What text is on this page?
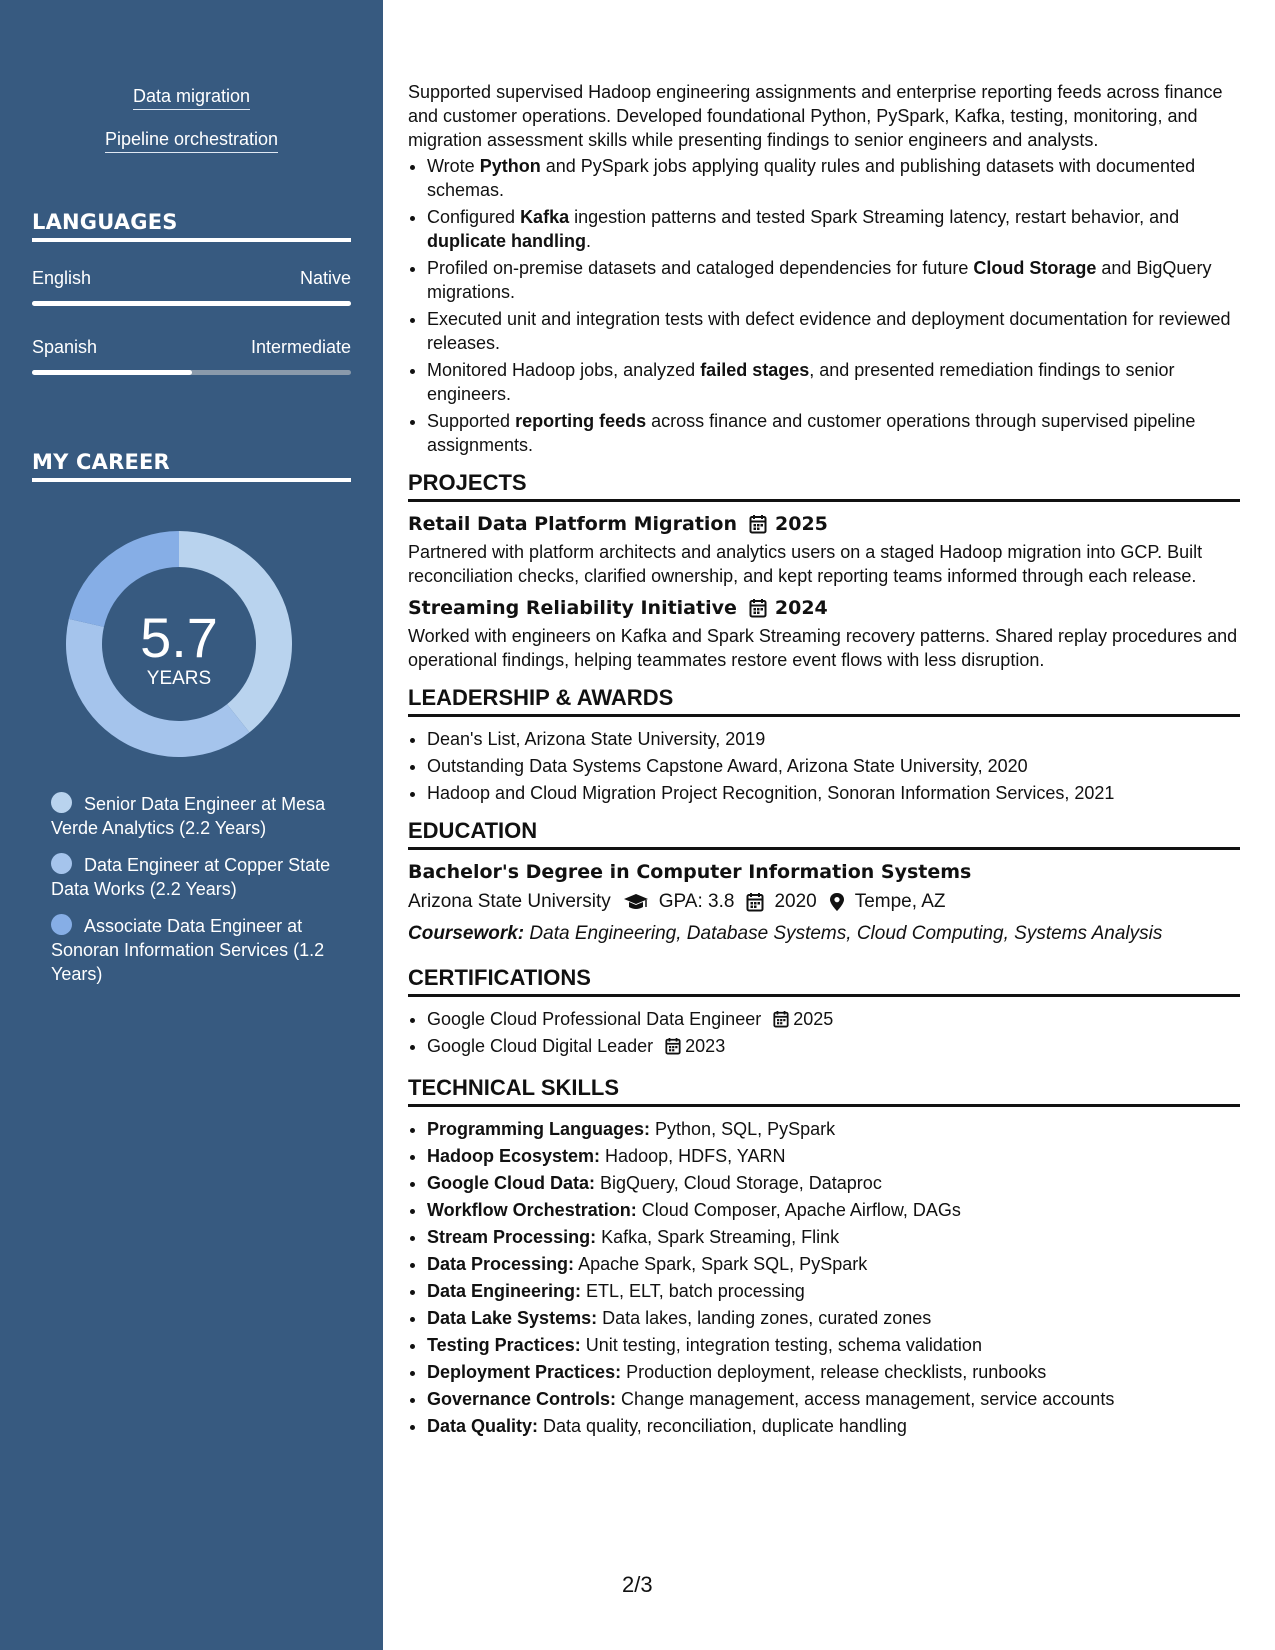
Data migration
Pipeline orchestration
LANGUAGES
English	Native
Spanish	Intermediate
MY CAREER
5.7
YEARS
Senior Data Engineer at Mesa Verde Analytics (2.2 Years)
Data Engineer at Copper State Data Works (2.2 Years)
Associate Data Engineer at Sonoran Information Services (1.2 Years)

Supported supervised Hadoop engineering assignments and enterprise reporting feeds across finance and customer operations. Developed foundational Python, PySpark, Kafka, testing, monitoring, and migration assessment skills while presenting findings to senior engineers and analysts.

• Wrote Python and PySpark jobs applying quality rules and publishing datasets with documented schemas.
• Configured Kafka ingestion patterns and tested Spark Streaming latency, restart behavior, and duplicate handling.
• Profiled on-premise datasets and cataloged dependencies for future Cloud Storage and BigQuery migrations.
• Executed unit and integration tests with defect evidence and deployment documentation for reviewed releases.
• Monitored Hadoop jobs, analyzed failed stages, and presented remediation findings to senior engineers.
• Supported reporting feeds across finance and customer operations through supervised pipeline assignments.
PROJECTS
Retail Data Platform Migration 2025

Partnered with platform architects and analytics users on a staged Hadoop migration into GCP. Built reconciliation checks, clarified ownership, and kept reporting teams informed through each release.

Streaming Reliability Initiative 2024

Worked with engineers on Kafka and Spark Streaming recovery patterns. Shared replay procedures and operational findings, helping teammates restore event flows with less disruption.

LEADERSHIP & AWARDS
• Dean's List, Arizona State University, 2019
• Outstanding Data Systems Capstone Award, Arizona State University, 2020
• Hadoop and Cloud Migration Project Recognition, Sonoran Information Services, 2021
EDUCATION
Bachelor's Degree in Computer Information Systems
Arizona State University	GPA: 3.8 2020 Tempe, AZ
Coursework: Data Engineering, Database Systems, Cloud Computing, Systems Analysis
CERTIFICATIONS
• Google Cloud Professional Data Engineer 2025
• Google Cloud Digital Leader 2023
TECHNICAL SKILLS
• Programming Languages: Python, SQL, PySpark
• Hadoop Ecosystem: Hadoop, HDFS, YARN
• Google Cloud Data: BigQuery, Cloud Storage, Dataproc
• Workflow Orchestration: Cloud Composer, Apache Airflow, DAGs
• Stream Processing: Kafka, Spark Streaming, Flink
• Data Processing: Apache Spark, Spark SQL, PySpark
• Data Engineering: ETL, ELT, batch processing
• Data Lake Systems: Data lakes, landing zones, curated zones
• Testing Practices: Unit testing, integration testing, schema validation
• Deployment Practices: Production deployment, release checklists, runbooks
• Governance Controls: Change management, access management, service accounts
• Data Quality: Data quality, reconciliation, duplicate handling
2/3
